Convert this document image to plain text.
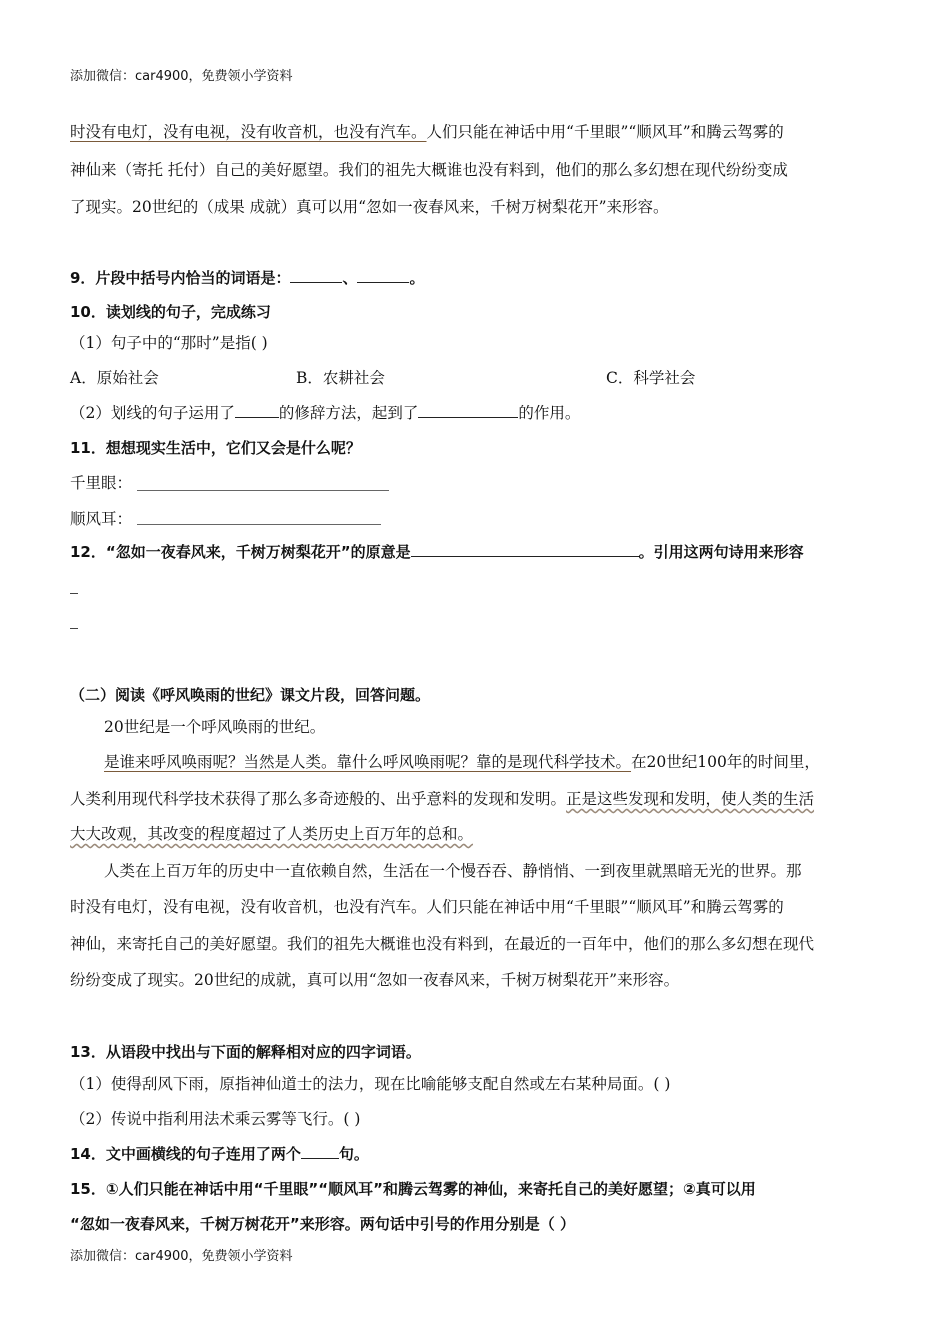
添加微信：car4900，免费领小学资料
时没有电灯，没有电视，没有收音机，也没有汽车。人们只能在神话中用“千里眼”“顺风耳”和腾云驾雾的
神仙来（寄托 托付）自己的美好愿望。我们的祖先大概谁也没有料到，他们的那么多幻想在现代纷纷变成
了现实。20世纪的（成果 成就）真可以用“忽如一夜春风来，千树万树梨花开”来形容。
9．片段中括号内恰当的词语是：	、	。
10．读划线的句子，完成练习
（1）句子中的“那时”是指( )
A．原始社会	B．农耕社会	C．科学社会
（2）划线的句子运用了	的修辞方法，起到了	的作用。
11．想想现实生活中，它们又会是什么呢？
千里眼：
顺风耳：
12．“忽如一夜春风来，千树万树梨花开”的原意是	。引用这两句诗用来形容
（二）阅读《呼风唤雨的世纪》课文片段，回答问题。
20世纪是一个呼风唤雨的世纪。
是谁来呼风唤雨呢？当然是人类。靠什么呼风唤雨呢？靠的是现代科学技术。在20世纪100年的时间里，
人类利用现代科学技术获得了那么多奇迹般的、出乎意料的发现和发明。正是这些发现和发明，使人类的生活
大大改观，其改变的程度超过了人类历史上百万年的总和。
人类在上百万年的历史中一直依赖自然，生活在一个慢吞吞、静悄悄、一到夜里就黑暗无光的世界。那
时没有电灯，没有电视，没有收音机，也没有汽车。人们只能在神话中用“千里眼”“顺风耳”和腾云驾雾的
神仙，来寄托自己的美好愿望。我们的祖先大概谁也没有料到，在最近的一百年中，他们的那么多幻想在现代
纷纷变成了现实。20世纪的成就，真可以用“忽如一夜春风来，千树万树梨花开”来形容。
13．从语段中找出与下面的解释相对应的四字词语。
（1）使得刮风下雨，原指神仙道士的法力，现在比喻能够支配自然或左右某种局面。( )
（2）传说中指利用法术乘云雾等飞行。( )
14．文中画横线的句子连用了两个	句。
15．①人们只能在神话中用“千里眼”“顺风耳”和腾云驾雾的神仙，来寄托自己的美好愿望；②真可以用
“忽如一夜春风来，千树万树花开”来形容。两句话中引号的作用分别是（ ）
添加微信：car4900，免费领小学资料
